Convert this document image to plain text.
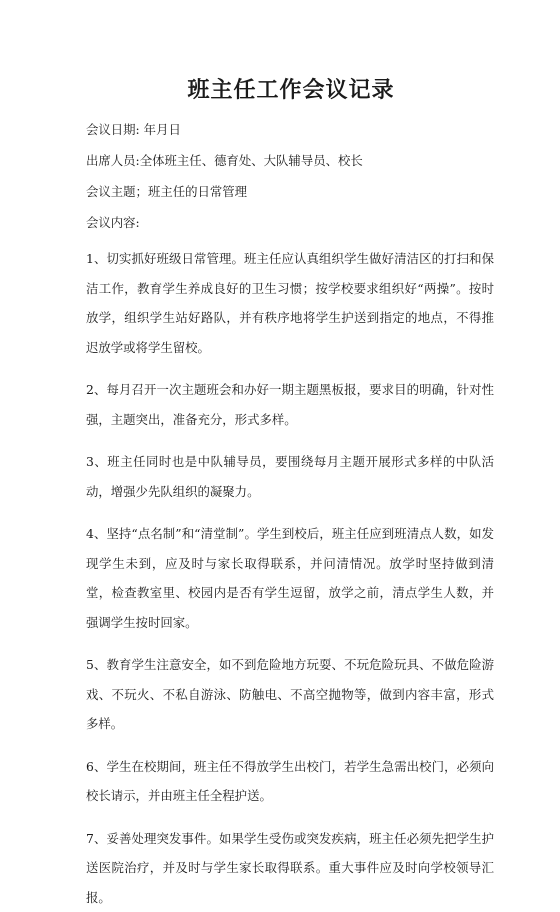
班主任工作会议记录

会议日期: 年月日

出席人员:全体班主任、德育处、大队辅导员、校长

会议主题；班主任的日常管理

会议内容:

1、切实抓好班级日常管理。班主任应认真组织学生做好清洁区的打扫和保洁工作，教育学生养成良好的卫生习惯；按学校要求组织好“两操”。按时放学，组织学生站好路队，并有秩序地将学生护送到指定的地点，不得推迟放学或将学生留校。

2、每月召开一次主题班会和办好一期主题黑板报，要求目的明确，针对性强，主题突出，准备充分，形式多样。

3、班主任同时也是中队辅导员，要围绕每月主题开展形式多样的中队活动，增强少先队组织的凝聚力。

4、坚持“点名制”和“清堂制”。学生到校后，班主任应到班清点人数，如发现学生未到，应及时与家长取得联系，并问清情况。放学时坚持做到清堂，检查教室里、校园内是否有学生逗留，放学之前，清点学生人数，并强调学生按时回家。

5、教育学生注意安全，如不到危险地方玩耍、不玩危险玩具、不做危险游戏、不玩火、不私自游泳、防触电、不高空抛物等，做到内容丰富，形式多样。

6、学生在校期间，班主任不得放学生出校门，若学生急需出校门，必须向校长请示，并由班主任全程护送。

7、妥善处理突发事件。如果学生受伤或突发疾病，班主任必须先把学生护送医院治疗，并及时与学生家长取得联系。重大事件应及时向学校领导汇报。
